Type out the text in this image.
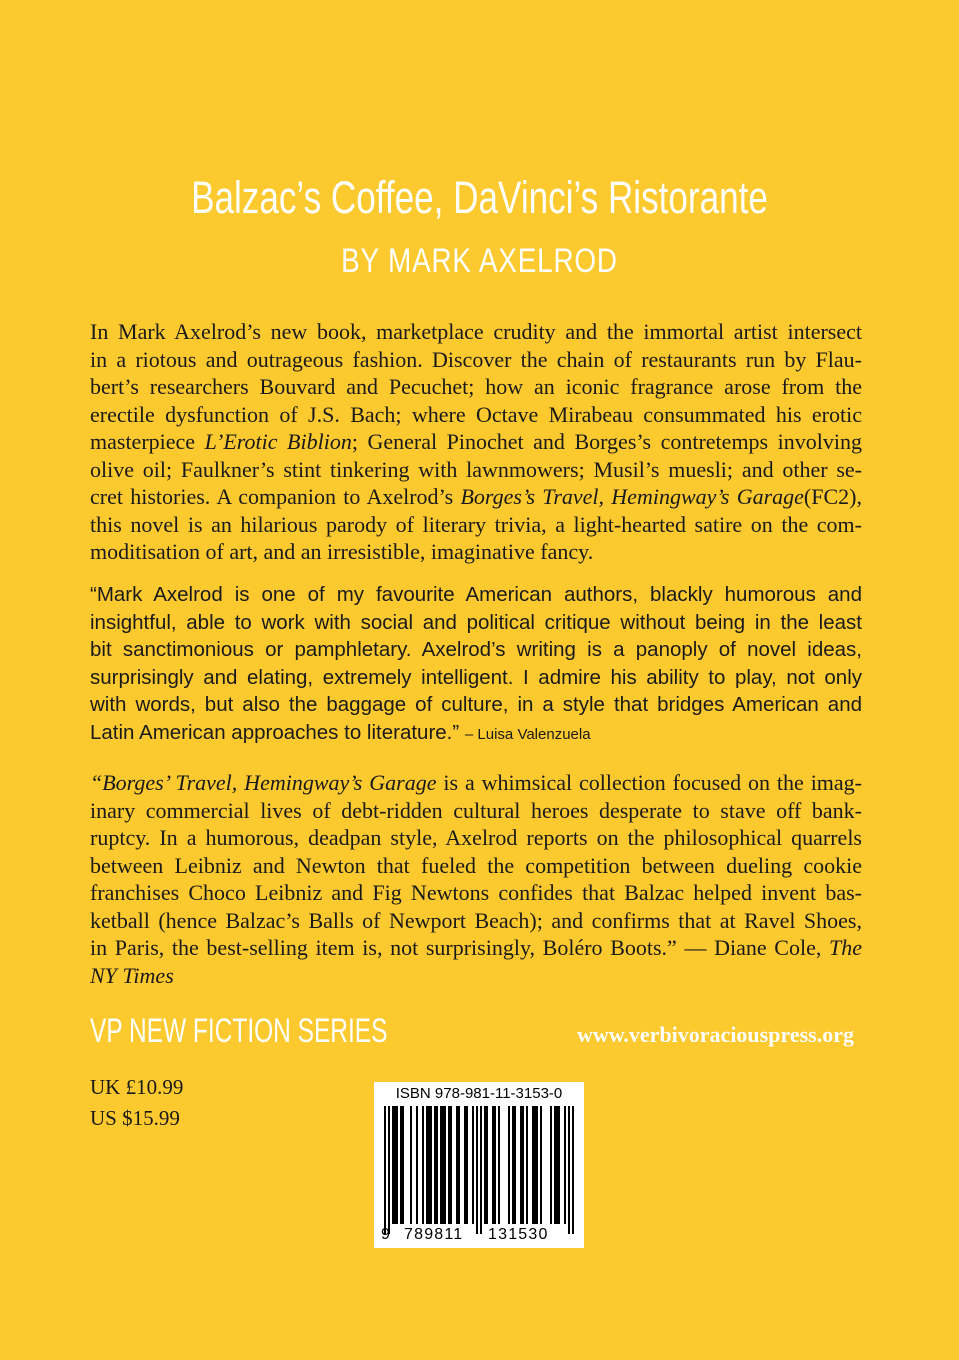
Balzac’s Coffee, DaVinci’s Ristorante
BY MARK AXELROD
In Mark Axelrod’s new book, marketplace crudity and the immortal artist intersect
in a riotous and outrageous fashion. Discover the chain of restaurants run by Flau-
bert’s researchers Bouvard and Pecuchet; how an iconic fragrance arose from the
erectile dysfunction of J.S. Bach; where Octave Mirabeau consummated his erotic
masterpiece L’Erotic Biblion; General Pinochet and Borges’s contretemps involving
olive oil; Faulkner’s stint tinkering with lawnmowers; Musil’s muesli; and other se-
cret histories. A companion to Axelrod’s Borges’s Travel, Hemingway’s Garage(FC2),
this novel is an hilarious parody of literary trivia, a light-hearted satire on the com-
moditisation of art, and an irresistible, imaginative fancy.
“Mark Axelrod is one of my favourite American authors, blackly humorous and
insightful, able to work with social and political critique without being in the least
bit sanctimonious or pamphletary. Axelrod’s writing is a panoply of novel ideas,
surprisingly and elating, extremely intelligent. I admire his ability to play, not only
with words, but also the baggage of culture, in a style that bridges American and
Latin American approaches to literature.” – Luisa Valenzuela
“Borges’ Travel, Hemingway’s Garage is a whimsical collection focused on the imag-
inary commercial lives of debt-ridden cultural heroes desperate to stave off bank-
ruptcy. In a humorous, deadpan style, Axelrod reports on the philosophical quarrels
between Leibniz and Newton that fueled the competition between dueling cookie
franchises Choco Leibniz and Fig Newtons confides that Balzac helped invent bas-
ketball (hence Balzac’s Balls of Newport Beach); and confirms that at Ravel Shoes,
in Paris, the best-selling item is, not surprisingly, Boléro Boots.” — Diane Cole, The
NY Times
VP NEW FICTION SERIES	www.verbivoraciouspress.org
UK £10.99
US $15.99
ISBN 978-981-11-3153-0
9 789811 131530
